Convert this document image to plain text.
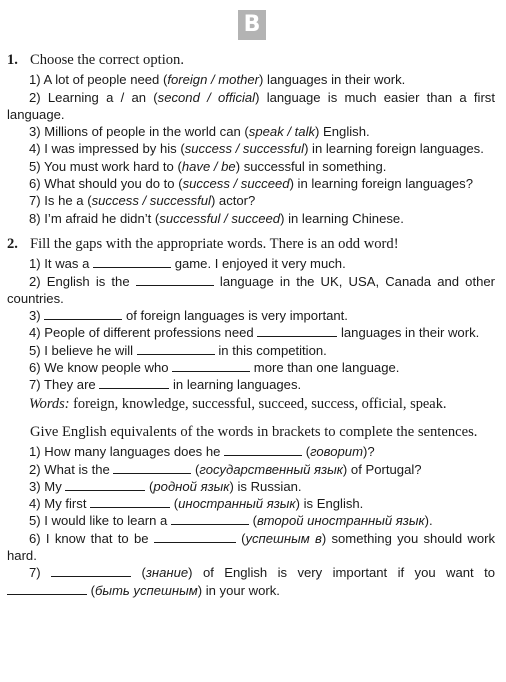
B

1. Choose the correct option.

1) A lot of people need (foreign / mother) languages in their work.

2) Learning a / an (second / official) language is much easier than a first language.

3) Millions of people in the world can (speak / talk) English.

4) I was impressed by his (success / successful) in learning foreign languages.

5) You must work hard to (have / be) successful in something.

6) What should you do to (success / succeed) in learning foreign languages?

7) Is he a (success / successful) actor?

8) I’m afraid he didn’t (successful / succeed) in learning Chinese.

2. Fill the gaps with the appropriate words. There is an odd word!

1) It was a	game. I enjoyed it very much.

2) English is the	language in the UK, USA, Canada and other countries.

3)	of foreign languages is very important.

4) People of different professions need	languages in their work.

5) I believe he will	in this competition.

6) We know people who	more than one language.

7) They are	in learning languages.

Words: foreign, knowledge, successful, succeed, success, official, speak.

Give English equivalents of the words in brackets to complete the sentences.

1) How many languages does he	(говорит)?

2) What is the	(государственный язык) of Portugal?

3) My	(родной язык) is Russian.

4) My first	(иностранный язык) is English.

5) I would like to learn a	(второй иностранный язык).

6) I know that to be	(успешным в) something you should work hard.

7)	(знание) of English is very important if you want to  (быть успешным) in your work.
